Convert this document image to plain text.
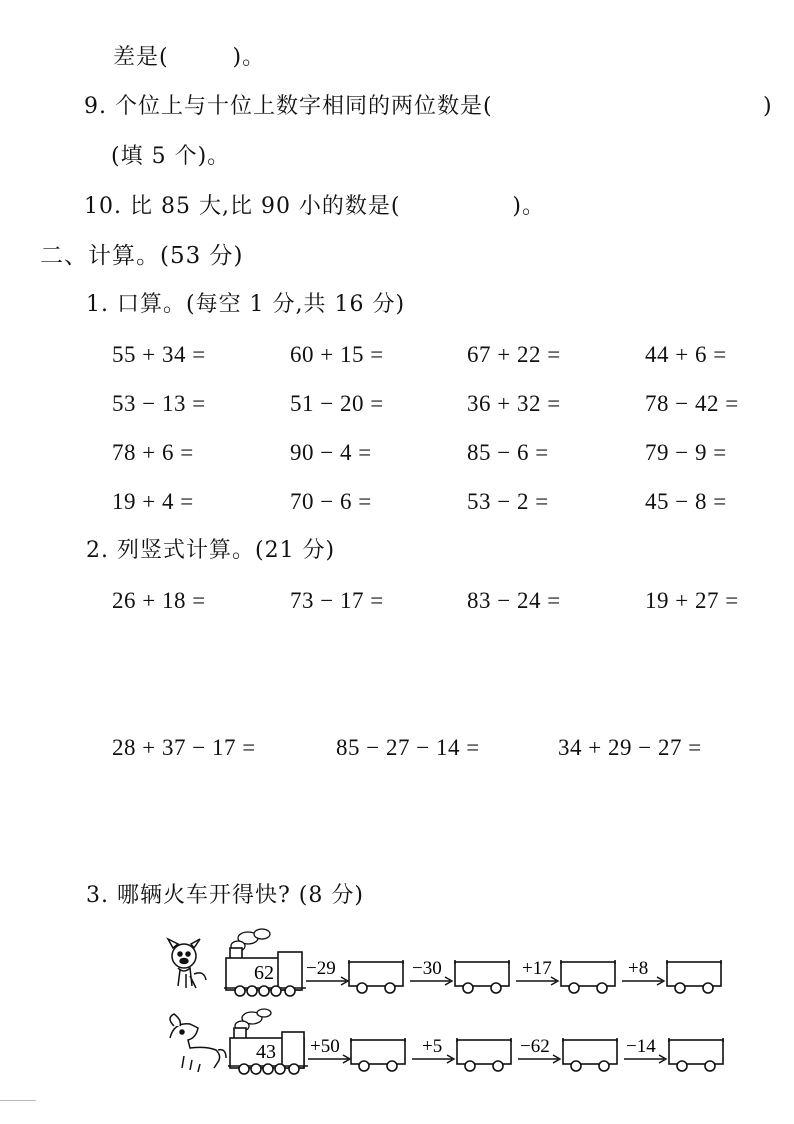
差是(        )。
9. 个位上与十位上数字相同的两位数是(	)
(填 5 个)。
10. 比 85 大,比 90 小的数是(              )。
二、计算。(53 分)
1. 口算。(每空 1 分,共 16 分)
55 + 34 =	60 + 15 =	67 + 22 =	44 + 6 =
53 − 13 =	51 − 20 =	36 + 32 =	78 − 42 =
78 + 6 =	90 − 4 =	85 − 6 =	79 − 9 =
19 + 4 =	70 − 6 =	53 − 2 =	45 − 8 =
2. 列竖式计算。(21 分)
26 + 18 =	73 − 17 =	83 − 24 =	19 + 27 =
28 + 37 − 17 =	85 − 27 − 14 =	34 + 29 − 27 =
3. 哪辆火车开得快? (8 分)
62 −29	−30	+17	+8
43 +50	+5	−62	−14
